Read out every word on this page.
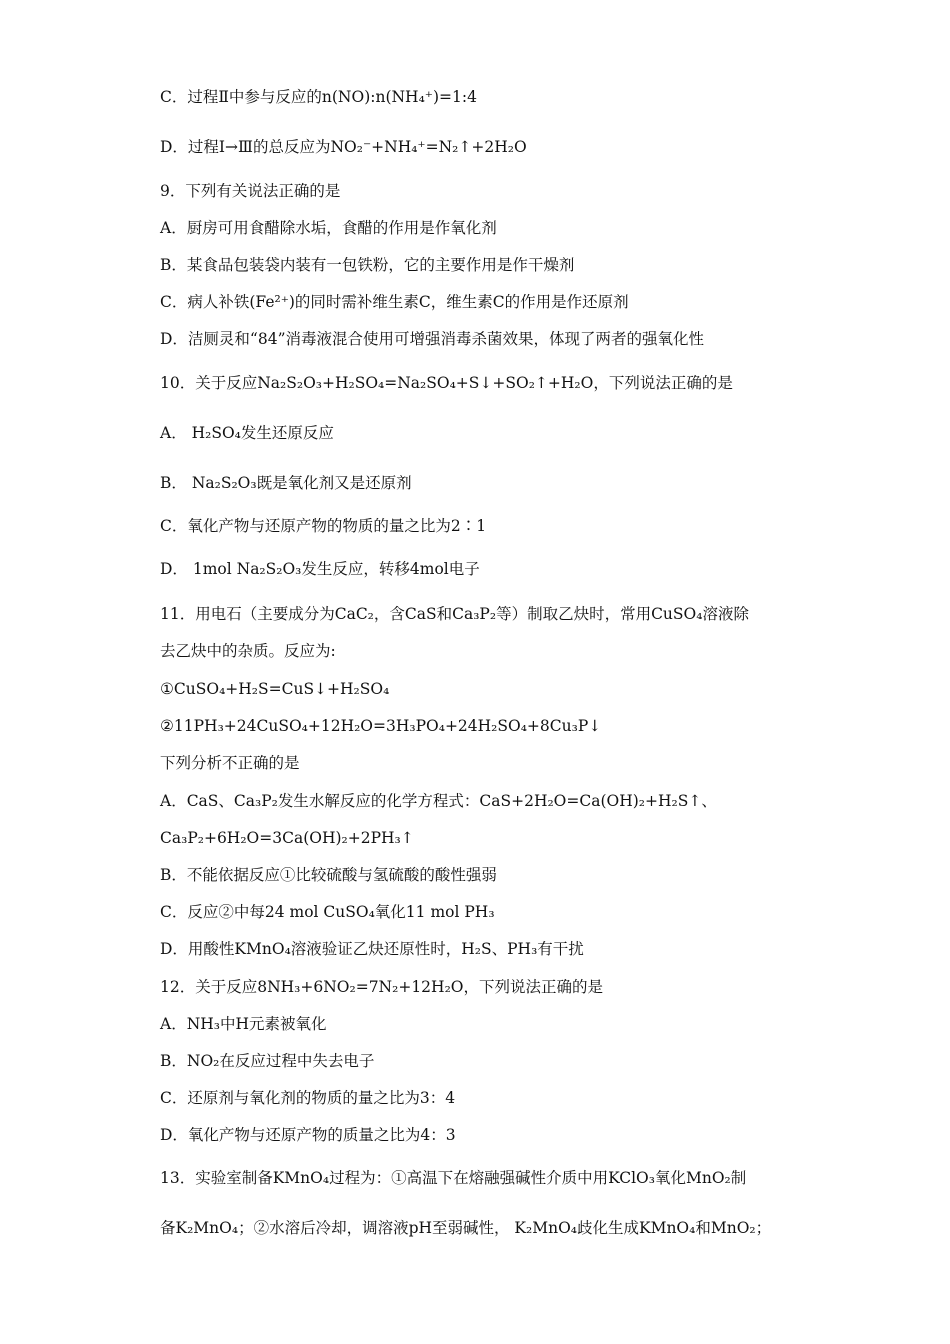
C．过程Ⅱ中参与反应的n(NO):n(NH₄⁺)=1:4
D．过程Ⅰ→Ⅲ的总反应为NO₂⁻+NH₄⁺=N₂↑+2H₂O
9．下列有关说法正确的是
A．厨房可用食醋除水垢，食醋的作用是作氧化剂
B．某食品包装袋内装有一包铁粉，它的主要作用是作干燥剂
C．病人补铁(Fe²⁺)的同时需补维生素C，维生素C的作用是作还原剂
D．洁厕灵和“84”消毒液混合使用可增强消毒杀菌效果，体现了两者的强氧化性
10．关于反应Na₂S₂O₃+H₂SO₄=Na₂SO₄+S↓+SO₂↑+H₂O，下列说法正确的是
A． H₂SO₄发生还原反应
B． Na₂S₂O₃既是氧化剂又是还原剂
C．氧化产物与还原产物的物质的量之比为2∶1
D． 1mol Na₂S₂O₃发生反应，转移4mol电子
11．用电石（主要成分为CaC₂，含CaS和Ca₃P₂等）制取乙炔时，常用CuSO₄溶液除
去乙炔中的杂质。反应为:
①CuSO₄+H₂S=CuS↓+H₂SO₄
②11PH₃+24CuSO₄+12H₂O=3H₃PO₄+24H₂SO₄+8Cu₃P↓
下列分析不正确的是
A．CaS、Ca₃P₂发生水解反应的化学方程式：CaS+2H₂O=Ca(OH)₂+H₂S↑、
Ca₃P₂+6H₂O=3Ca(OH)₂+2PH₃↑
B．不能依据反应①比较硫酸与氢硫酸的酸性强弱
C．反应②中每24 mol CuSO₄氧化11 mol PH₃
D．用酸性KMnO₄溶液验证乙炔还原性时，H₂S、PH₃有干扰
12．关于反应8NH₃+6NO₂=7N₂+12H₂O，下列说法正确的是
A．NH₃中H元素被氧化
B．NO₂在反应过程中失去电子
C．还原剂与氧化剂的物质的量之比为3：4
D．氧化产物与还原产物的质量之比为4：3
13．实验室制备KMnO₄过程为：①高温下在熔融强碱性介质中用KClO₃氧化MnO₂制
备K₂MnO₄；②水溶后冷却，调溶液pH至弱碱性， K₂MnO₄歧化生成KMnO₄和MnO₂；
